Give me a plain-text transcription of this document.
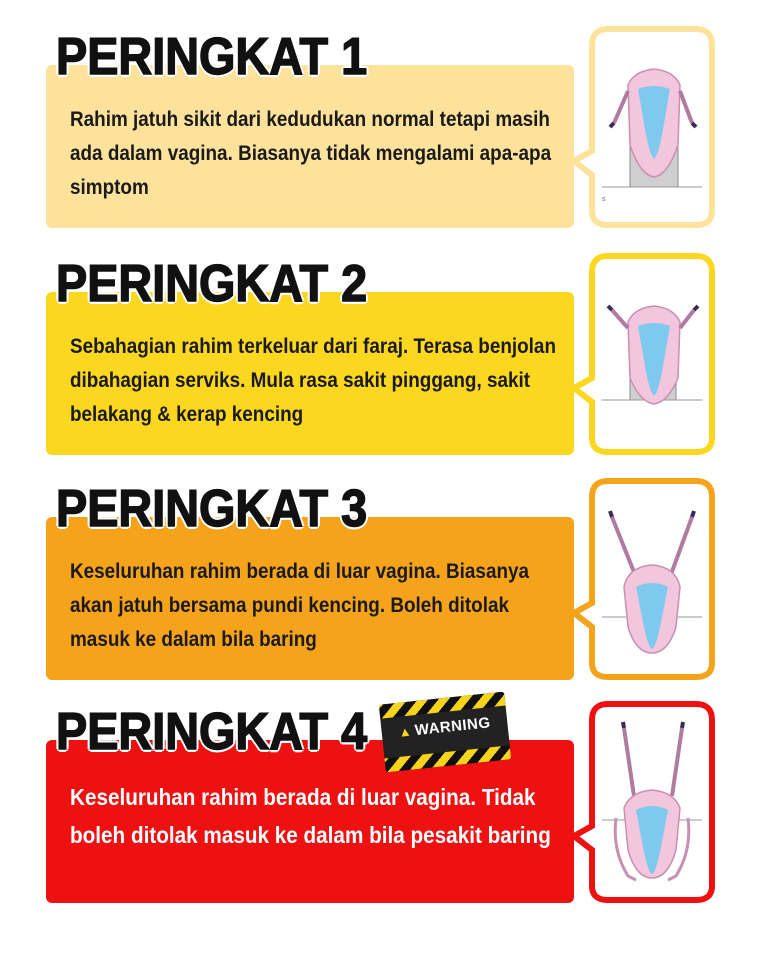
Rahim jatuh sikit dari kedudukan normal tetapi masih ada dalam vagina. Biasanya tidak mengalami apa-apa simptom

PERINGKAT 1
s

Sebahagian rahim terkeluar dari faraj. Terasa benjolan dibahagian serviks. Mula rasa sakit pinggang, sakit belakang & kerap kencing

PERINGKAT 2

Keseluruhan rahim berada di luar vagina. Biasanya akan jatuh bersama pundi kencing. Boleh ditolak masuk ke dalam bila baring

PERINGKAT 3

Keseluruhan rahim berada di luar vagina. Tidak boleh ditolak masuk ke dalam bila pesakit baring

PERINGKAT 4	▲WARNING
